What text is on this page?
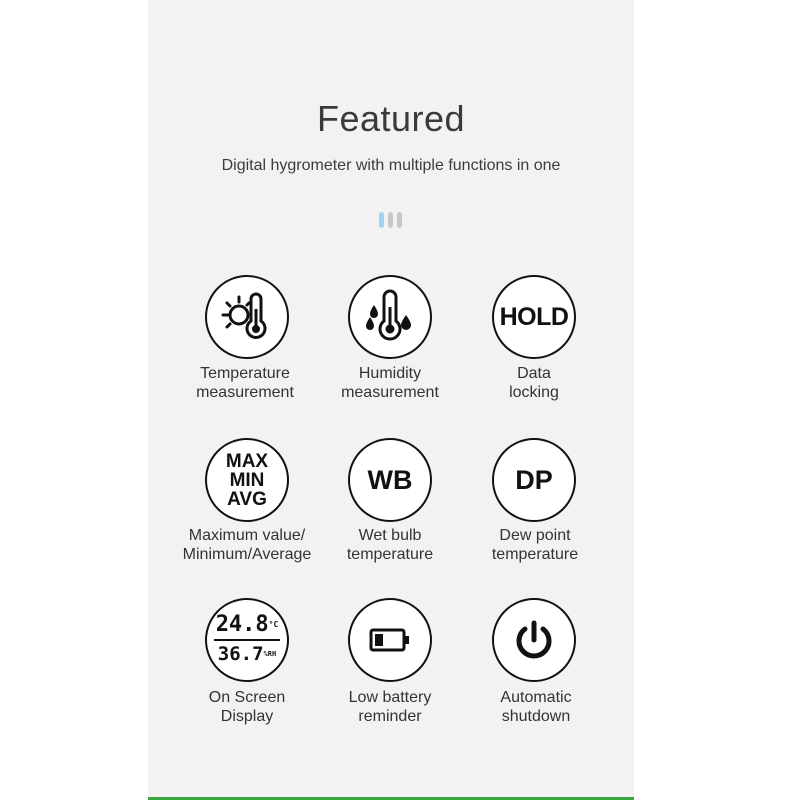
Featured
Digital hygrometer with multiple functions in one
Temperature
measurement
Humidity
measurement
HOLD
Data
locking
MAX
MIN
AVG
Maximum value/
Minimum/Average
WB
Wet bulb
temperature
DP
Dew point
temperature
$24.8^{^\circ C}$
36.7%RH
On Screen
Display
Low battery
reminder
Automatic
shutdown
